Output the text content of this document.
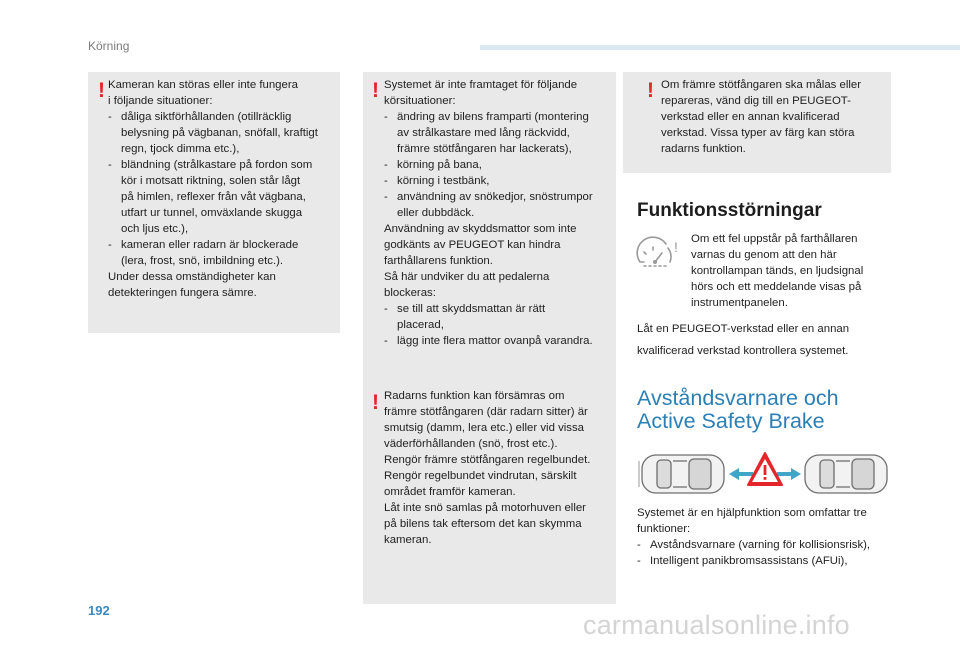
Körning
! Kameran kan störas eller inte fungera

i följande situationer:

- dåliga siktförhållanden (otillräcklig

belysning på vägbanan, snöfall, kraftigt

regn, tjock dimma etc.),

- bländning (strålkastare på fordon som

kör i motsatt riktning, solen står lågt

på himlen, reflexer från våt vägbana,

utfart ur tunnel, omväxlande skugga

och ljus etc.),

- kameran eller radarn är blockerade

(lera, frost, snö, imbildning etc.).

Under dessa omständigheter kan

detekteringen fungera sämre.

! Systemet är inte framtaget för följande

körsituationer:

- ändring av bilens framparti (montering

av strålkastare med lång räckvidd,

främre stötfångaren har lackerats),

- körning på bana,

- körning i testbänk,

- användning av snökedjor, snöstrumpor

eller dubbdäck.

Användning av skyddsmattor som inte

godkänts av PEUGEOT kan hindra

farthållarens funktion.

Så här undviker du att pedalerna

blockeras:

- se till att skyddsmattan är rätt

placerad,

- lägg inte flera mattor ovanpå varandra.

! Radarns funktion kan försämras om

främre stötfångaren (där radarn sitter) är

smutsig (damm, lera etc.) eller vid vissa

väderförhållanden (snö, frost etc.).

Rengör främre stötfångaren regelbundet.

Rengör regelbundet vindrutan, särskilt

området framför kameran.

Låt inte snö samlas på motorhuven eller

på bilens tak eftersom det kan skymma

kameran.

! Om främre stötfångaren ska målas eller

repareras, vänd dig till en PEUGEOT-

verkstad eller en annan kvalificerad

verkstad. Vissa typer av färg kan störa

radarns funktion.

Funktionsstörningar
! Om ett fel uppstår på farthållaren

varnas du genom att den här

kontrollampan tänds, en ljudsignal

hörs och ett meddelande visas på

instrumentpanelen.

Låt en PEUGEOT-verkstad eller en annan

kvalificerad verkstad kontrollera systemet.

Avståndsvarnare och
Active Safety Brake

Systemet är en hjälpfunktion som omfattar tre

funktioner:

- Avståndsvarnare (varning för kollisionsrisk),

- Intelligent panikbromsassistans (AFUi),

192	carmanualsonline.info
